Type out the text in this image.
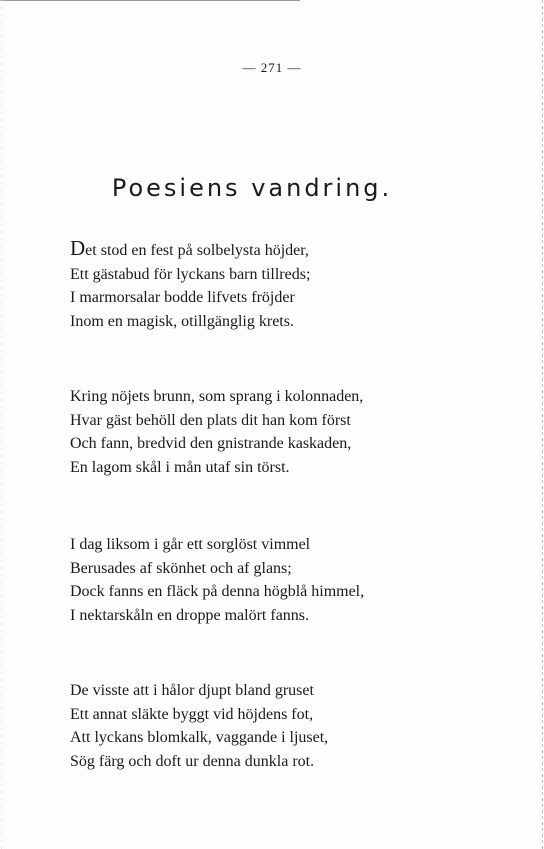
— 271 —
Poesiens vandring.
Det stod en fest på solbelysta höjder,
Ett gästabud för lyckans barn tillreds;
I marmorsalar bodde lifvets fröjder
Inom en magisk, otillgänglig krets.
Kring nöjets brunn, som sprang i kolonnaden,
Hvar gäst behöll den plats dit han kom först
Och fann, bredvid den gnistrande kaskaden,
En lagom skål i mån utaf sin törst.
I dag liksom i går ett sorglöst vimmel
Berusades af skönhet och af glans;
Dock fanns en fläck på denna högblå himmel,
I nektarskåln en droppe malört fanns.
De visste att i hålor djupt bland gruset
Ett annat släkte byggt vid höjdens fot,
Att lyckans blomkalk, vaggande i ljuset,
Sög färg och doft ur denna dunkla rot.
